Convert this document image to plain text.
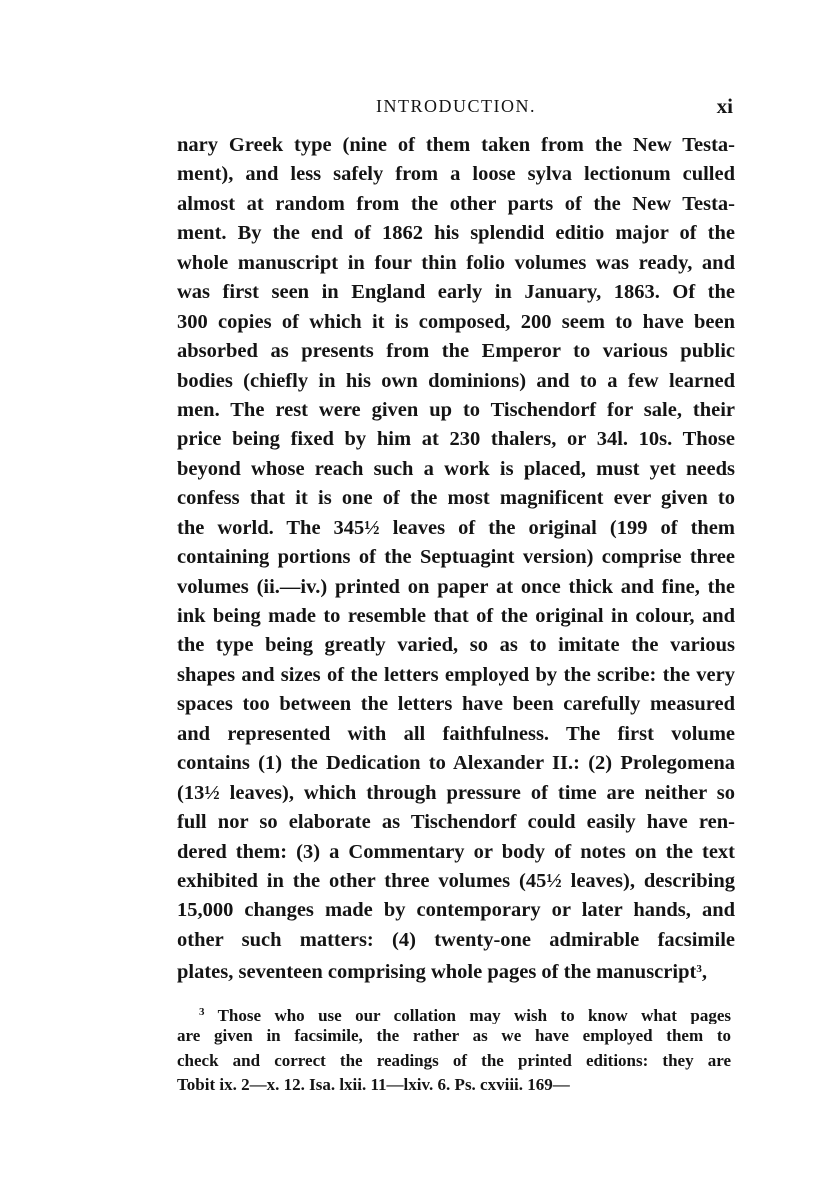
INTRODUCTION.	xi
nary Greek type (nine of them taken from the New Testa-
ment), and less safely from a loose sylva lectionum culled
almost at random from the other parts of the New Testa-
ment. By the end of 1862 his splendid editio major of the
whole manuscript in four thin folio volumes was ready, and
was first seen in England early in January, 1863. Of the
300 copies of which it is composed, 200 seem to have been
absorbed as presents from the Emperor to various public
bodies (chiefly in his own dominions) and to a few learned
men. The rest were given up to Tischendorf for sale, their
price being fixed by him at 230 thalers, or 34l. 10s. Those
beyond whose reach such a work is placed, must yet needs
confess that it is one of the most magnificent ever given to
the world. The 345½ leaves of the original (199 of them
containing portions of the Septuagint version) comprise three
volumes (ii.—iv.) printed on paper at once thick and fine, the
ink being made to resemble that of the original in colour, and
the type being greatly varied, so as to imitate the various
shapes and sizes of the letters employed by the scribe: the very
spaces too between the letters have been carefully measured
and represented with all faithfulness. The first volume
contains (1) the Dedication to Alexander II.: (2) Prolegomena
(13½ leaves), which through pressure of time are neither so
full nor so elaborate as Tischendorf could easily have ren-
dered them: (3) a Commentary or body of notes on the text
exhibited in the other three volumes (45½ leaves), describing
15,000 changes made by contemporary or later hands, and
other such matters: (4) twenty-one admirable facsimile
plates, seventeen comprising whole pages of the manuscript$^3$,
$^3$ Those who use our collation may wish to know what pages
are given in facsimile, the rather as we have employed them to
check and correct the readings of the printed editions: they are
Tobit ix. 2—x. 12. Isa. lxii. 11—lxiv. 6. Ps. cxviii. 169—
